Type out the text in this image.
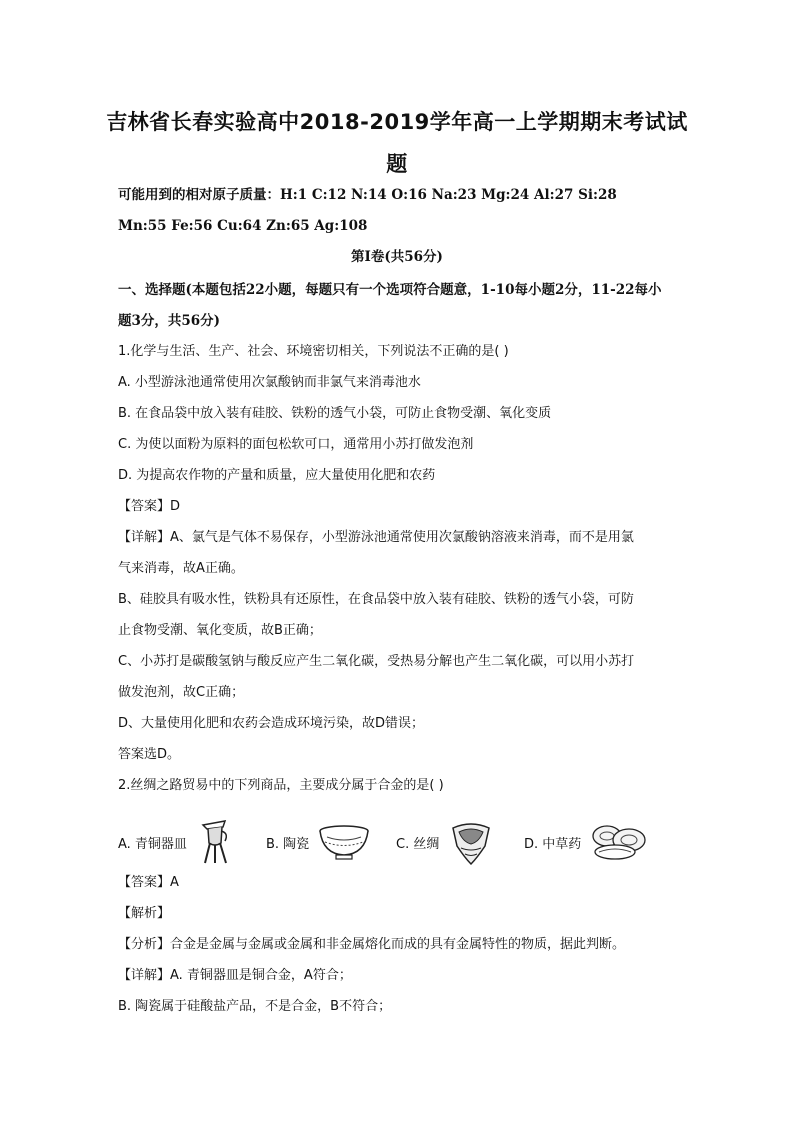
吉林省长春实验高中2018-2019学年高一上学期期末考试试
题
可能用到的相对原子质量：H:1 C:12 N:14 O:16 Na:23 Mg:24 Al:27 Si:28
Mn:55 Fe:56 Cu:64 Zn:65 Ag:108
第Ⅰ卷(共56分)
一、选择题(本题包括22小题，每题只有一个选项符合题意，1-10每小题2分，11-22每小
题3分，共56分)
1.化学与生活、生产、社会、环境密切相关，下列说法不正确的是( )
A. 小型游泳池通常使用次氯酸钠而非氯气来消毒池水
B. 在食品袋中放入装有硅胶、铁粉的透气小袋，可防止食物受潮、氧化变质
C. 为使以面粉为原料的面包松软可口，通常用小苏打做发泡剂
D. 为提高农作物的产量和质量，应大量使用化肥和农药
【答案】D
【详解】A、氯气是气体不易保存，小型游泳池通常使用次氯酸钠溶液来消毒，而不是用氯
气来消毒，故A正确。
B、硅胶具有吸水性，铁粉具有还原性，在食品袋中放入装有硅胶、铁粉的透气小袋，可防
止食物受潮、氧化变质，故B正确；
C、小苏打是碳酸氢钠与酸反应产生二氧化碳，受热易分解也产生二氧化碳，可以用小苏打
做发泡剂，故C正确；
D、大量使用化肥和农药会造成环境污染，故D错误；
答案选D。
2.丝绸之路贸易中的下列商品，主要成分属于合金的是( )
A. 青铜器皿	B. 陶瓷	C. 丝绸	D. 中草药
【答案】A
【解析】
【分析】合金是金属与金属或金属和非金属熔化而成的具有金属特性的物质，据此判断。
【详解】A. 青铜器皿是铜合金，A符合；
B. 陶瓷属于硅酸盐产品，不是合金，B不符合；
